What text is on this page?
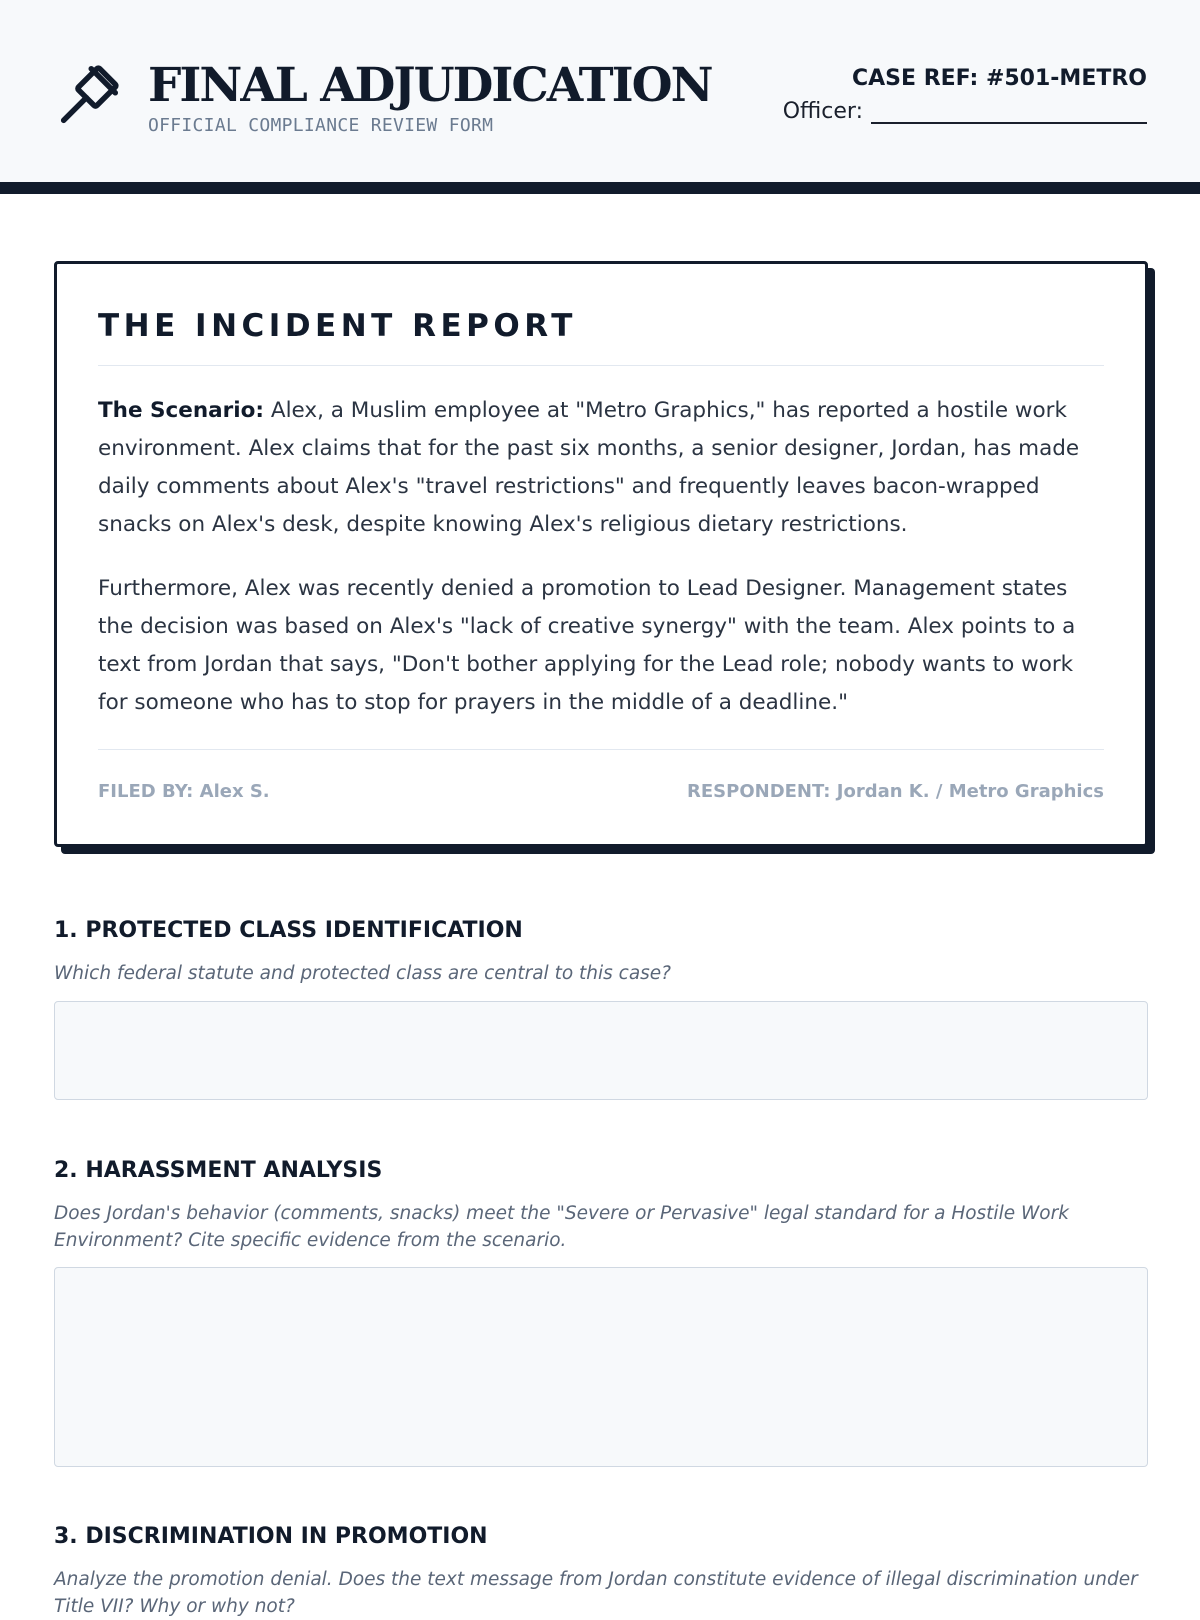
FINAL ADJUDICATION
OFFICIAL COMPLIANCE REVIEW FORM
CASE REF: #501-METRO
Officer:
THE INCIDENT REPORT

The Scenario: Alex, a Muslim employee at "Metro Graphics," has reported a hostile work environment. Alex claims that for the past six months, a senior designer, Jordan, has made daily comments about Alex's "travel restrictions" and frequently leaves bacon-wrapped snacks on Alex's desk, despite knowing Alex's religious dietary restrictions.

Furthermore, Alex was recently denied a promotion to Lead Designer. Management states the decision was based on Alex's "lack of creative synergy" with the team. Alex points to a text from Jordan that says, "Don't bother applying for the Lead role; nobody wants to work for someone who has to stop for prayers in the middle of a deadline."

FILED BY: Alex S.	RESPONDENT: Jordan K. / Metro Graphics
1. PROTECTED CLASS IDENTIFICATION
Which federal statute and protected class are central to this case?
2. HARASSMENT ANALYSIS
Does Jordan's behavior (comments, snacks) meet the "Severe or Pervasive" legal standard for a Hostile Work Environment? Cite specific evidence from the scenario.
3. DISCRIMINATION IN PROMOTION
Analyze the promotion denial. Does the text message from Jordan constitute evidence of illegal discrimination under Title VII? Why or why not?
